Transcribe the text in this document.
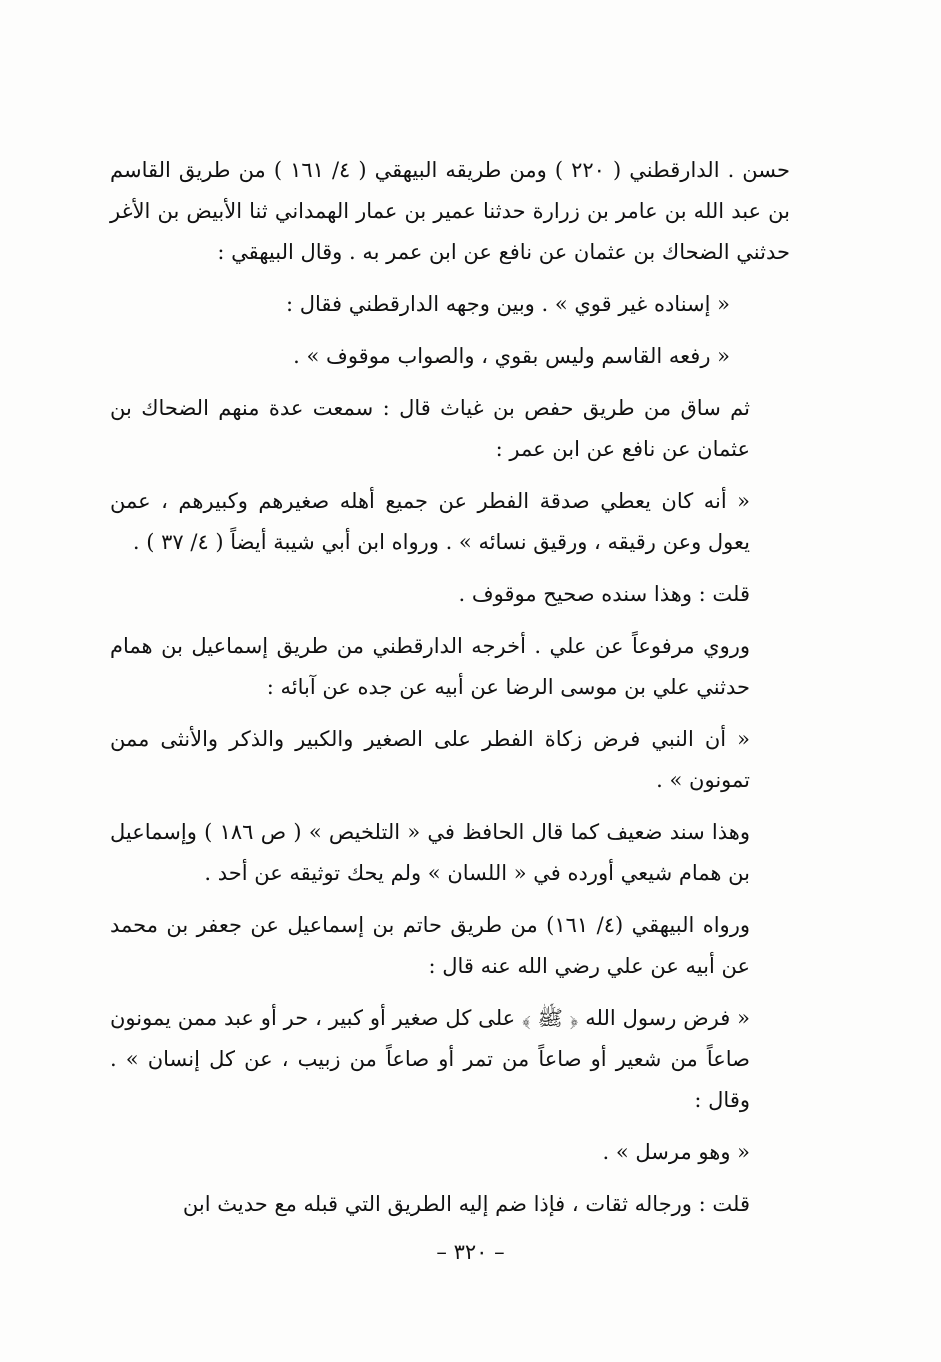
حسن . الدارقطني ( ٢٢٠ ) ومن طريقه البيهقي ( ٤/ ١٦١ ) من طريق القاسم بن عبد الله بن عامر بن زرارة حدثنا عمير بن عمار الهمداني ثنا الأبيض بن الأغر حدثني الضحاك بن عثمان عن نافع عن ابن عمر به . وقال البيهقي :

« إسناده غير قوي » . وبين وجهه الدارقطني فقال :

« رفعه القاسم وليس بقوي ، والصواب موقوف » .

ثم ساق من طريق حفص بن غياث قال : سمعت عدة منهم الضحاك بن عثمان عن نافع عن ابن عمر :

« أنه كان يعطي صدقة الفطر عن جميع أهله صغيرهم وكبيرهم ، عمن يعول وعن رقيقه ، ورقيق نسائه » . ورواه ابن أبي شيبة أيضاً ( ٤/ ٣٧ ) .

قلت : وهذا سنده صحيح موقوف .

وروي مرفوعاً عن علي . أخرجه الدارقطني من طريق إسماعيل بن همام حدثني علي بن موسى الرضا عن أبيه عن جده عن آبائه :

« أن النبي فرض زكاة الفطر على الصغير والكبير والذكر والأنثى ممن تمونون » .

وهذا سند ضعيف كما قال الحافظ في « التلخيص » ( ص ١٨٦ ) وإسماعيل بن همام شيعي أورده في « اللسان » ولم يحك توثيقه عن أحد .

ورواه البيهقي (٤/ ١٦١) من طريق حاتم بن إسماعيل عن جعفر بن محمد عن أبيه عن علي رضي الله عنه قال :

« فرض رسول الله ﴿ ﷺ ﴾ على كل صغير أو كبير ، حر أو عبد ممن يمونون صاعاً من شعير أو صاعاً من تمر أو صاعاً من زبيب ، عن كل إنسان » . وقال :

« وهو مرسل » .

قلت : ورجاله ثقات ، فإذا ضم إليه الطريق التي قبله مع حديث ابن

– ٣٢٠ –
